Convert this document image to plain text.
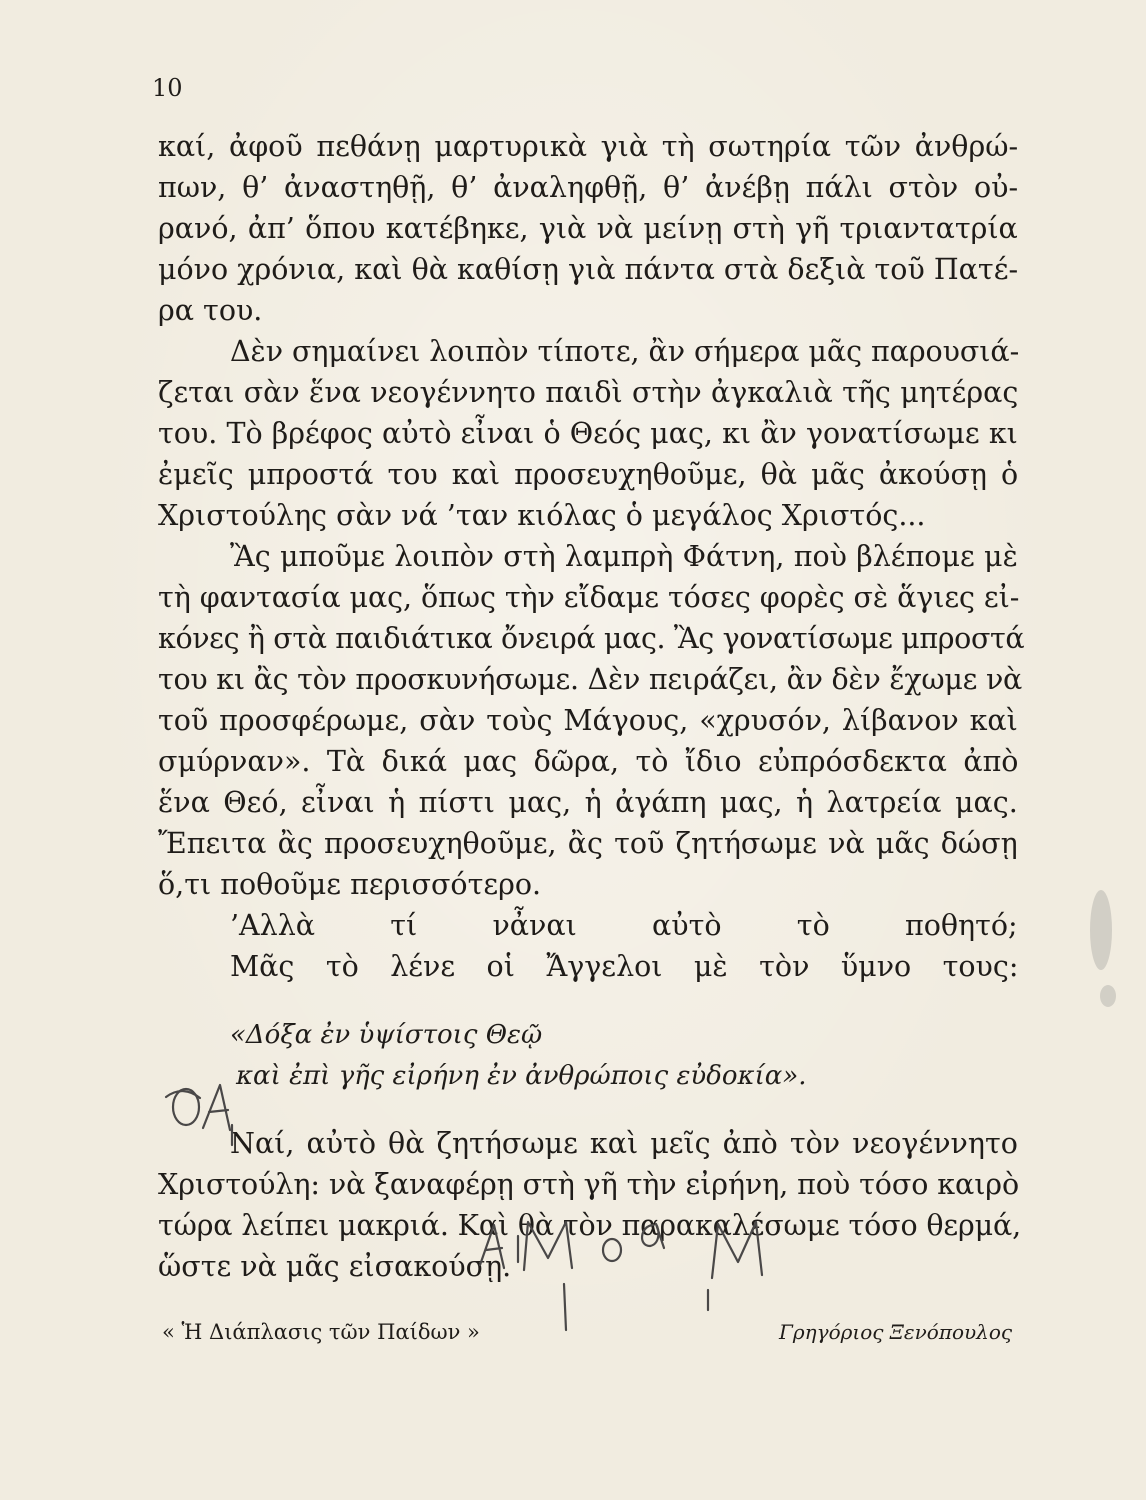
10
καί, ἀφοῦ πεθάνῃ μαρτυρικὰ γιὰ τὴ σωτηρία τῶν ἀνθρώ-
πων, θ’ ἀναστηθῇ, θ’ ἀναληφθῇ, θ’ ἀνέβῃ πάλι στὸν οὐ-
ρανό, ἀπ’ ὅπου κατέβηκε, γιὰ νὰ μείνῃ στὴ γῆ τριαντατρία
μόνο χρόνια, καὶ θὰ καθίσῃ γιὰ πάντα στὰ δεξιὰ τοῦ Πατέ-
ρα του.
Δὲν σημαίνει λοιπὸν τίποτε, ἂν σήμερα μᾶς παρουσιά-
ζεται σὰν ἕνα νεογέννητο παιδὶ στὴν ἀγκαλιὰ τῆς μητέρας
του. Τὸ βρέφος αὐτὸ εἶναι ὁ Θεός μας, κι ἂν γονατίσωμε κι
ἐμεῖς μπροστά του καὶ προσευχηθοῦμε, θὰ μᾶς ἀκούσῃ ὁ
Χριστούλης σὰν νά ’ταν κιόλας ὁ μεγάλος Χριστός...
Ἂς μποῦμε λοιπὸν στὴ λαμπρὴ Φάτνη, ποὺ βλέπομε μὲ
τὴ φαντασία μας, ὅπως τὴν εἴδαμε τόσες φορὲς σὲ ἅγιες εἰ-
κόνες ἢ στὰ παιδιάτικα ὄνειρά μας. Ἂς γονατίσωμε μπροστά
του κι ἂς τὸν προσκυνήσωμε. Δὲν πειράζει, ἂν δὲν ἔχωμε νὰ
τοῦ προσφέρωμε, σὰν τοὺς Μάγους, «χρυσόν, λίβανον καὶ
σμύρναν». Τὰ δικά μας δῶρα, τὸ ἴδιο εὐπρόσδεκτα ἀπὸ
ἕνα Θεό, εἶναι ἡ πίστι μας, ἡ ἀγάπη μας, ἡ λατρεία μας.
Ἔπειτα ἂς προσευχηθοῦμε, ἂς τοῦ ζητήσωμε νὰ μᾶς δώσῃ
ὅ,τι ποθοῦμε περισσότερο.
’Αλλὰ τί νἆναι αὐτὸ τὸ ποθητό;
Μᾶς τὸ λένε οἱ Ἄγγελοι μὲ τὸν ὕμνο τους:
«Δόξα ἐν ὑψίστοις Θεῷ
καὶ ἐπὶ γῆς εἰρήνη ἐν ἀνθρώποις εὐδοκία».
Ναί, αὐτὸ θὰ ζητήσωμε καὶ μεῖς ἀπὸ τὸν νεογέννητο
Χριστούλη: νὰ ξαναφέρῃ στὴ γῆ τὴν εἰρήνη, ποὺ τόσο καιρὸ
τώρα λείπει μακριά. Καὶ θὰ τὸν παρακαλέσωμε τόσο θερμά,
ὥστε νὰ μᾶς εἰσακούσῃ.
« Ἡ Διάπλασις τῶν Παίδων »	Γρηγόριος Ξενόπουλος
